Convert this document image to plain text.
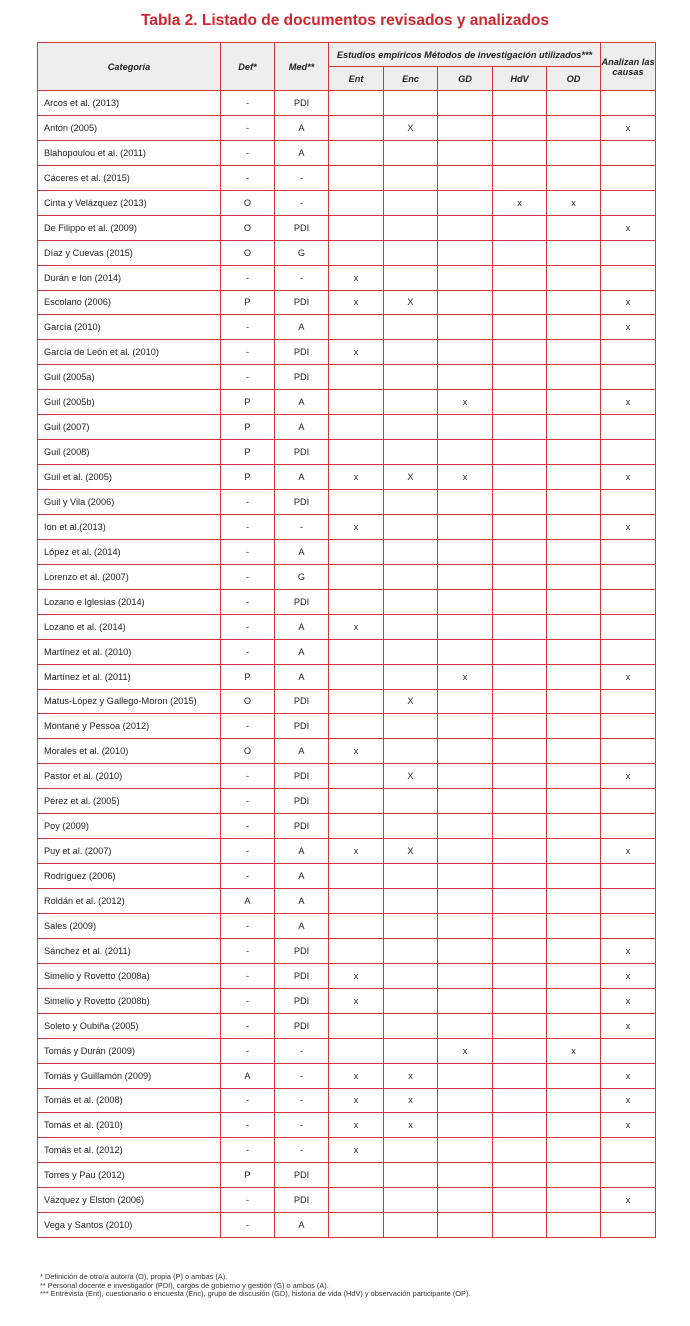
Tabla 2. Listado de documentos revisados y analizados
Categoría	Def*	Med**	Estudios empíricos Métodos de investigación utilizados***					Analizan las causas
			Ent	Enc	GD	HdV	OD	
Arcos et al. (2013)	-	PDI						
Antón (2005)	-	A		X				x
Blahopoulou et al. (2011)	-	A						
Cáceres et al. (2015)	-	-						
Cinta y Velázquez (2013)	O	-				x	x	
De Filippo et al. (2009)	O	PDI						x
Díaz y Cuevas (2015)	O	G						
Durán e Ion (2014)	-	-	x					
Escolano (2006)	P	PDI	x	X				x
García (2010)	-	A						x
García de León et al. (2010)	-	PDI	x					
Guil (2005a)	-	PDI						
Guil (2005b)	P	A			x			x
Guil (2007)	P	A						
Guil (2008)	P	PDI						
Guil et al. (2005)	P	A	x	X	x			x
Guil y Vila (2006)	-	PDI						
Ion et al.(2013)	-	-	x					x
López et al. (2014)	-	A						
Lorenzo et al. (2007)	-	G						
Lozano e Iglesias (2014)	-	PDI						
Lozano et al. (2014)	-	A	x					
Martínez et al. (2010)	-	A						
Martínez et al. (2011)	P	A			x			x
Matus-López y Gallego-Moron (2015)	O	PDI		X				
Montané y Pessoa (2012)	-	PDI						
Morales et al. (2010)	O	A	x					
Pastor et al. (2010)	-	PDI		X				x
Pérez et al. (2005)	-	PDI						
Poy (2009)	-	PDI						
Puy et al. (2007)	-	A	x	X				x
Rodríguez (2006)	-	A						
Roldán et al. (2012)	A	A						
Sales (2009)	-	A						
Sánchez et al. (2011)	-	PDI						x
Simelio y Rovetto (2008a)	-	PDI	x					x
Simelio y Rovetto (2008b)	-	PDI	x					x
Soleto y Oubiña (2005)	-	PDI						x
Tomás y Durán (2009)	-	-			x		x	
Tomás y Guillamón (2009)	A	-	x	x				x
Tomás et al. (2008)	-	-	x	x				x
Tomás et al. (2010)	-	-	x	x				x
Tomás et al. (2012)	-	-	x					
Torres y Pau (2012)	P	PDI						
Vázquez y Elston (2006)	-	PDI						x
Vega y Santos (2010)	-	A						
* Definición de otro/a autor/a (O), propia (P) o ambas (A).
** Personal docente e investigador (PDI), cargos de gobierno y gestión (G) o ambos (A).
*** Entrevista (Ent), cuestionario o encuesta (Enc), grupo de discusión (GD), historia de vida (HdV) y observación participante (OP).
